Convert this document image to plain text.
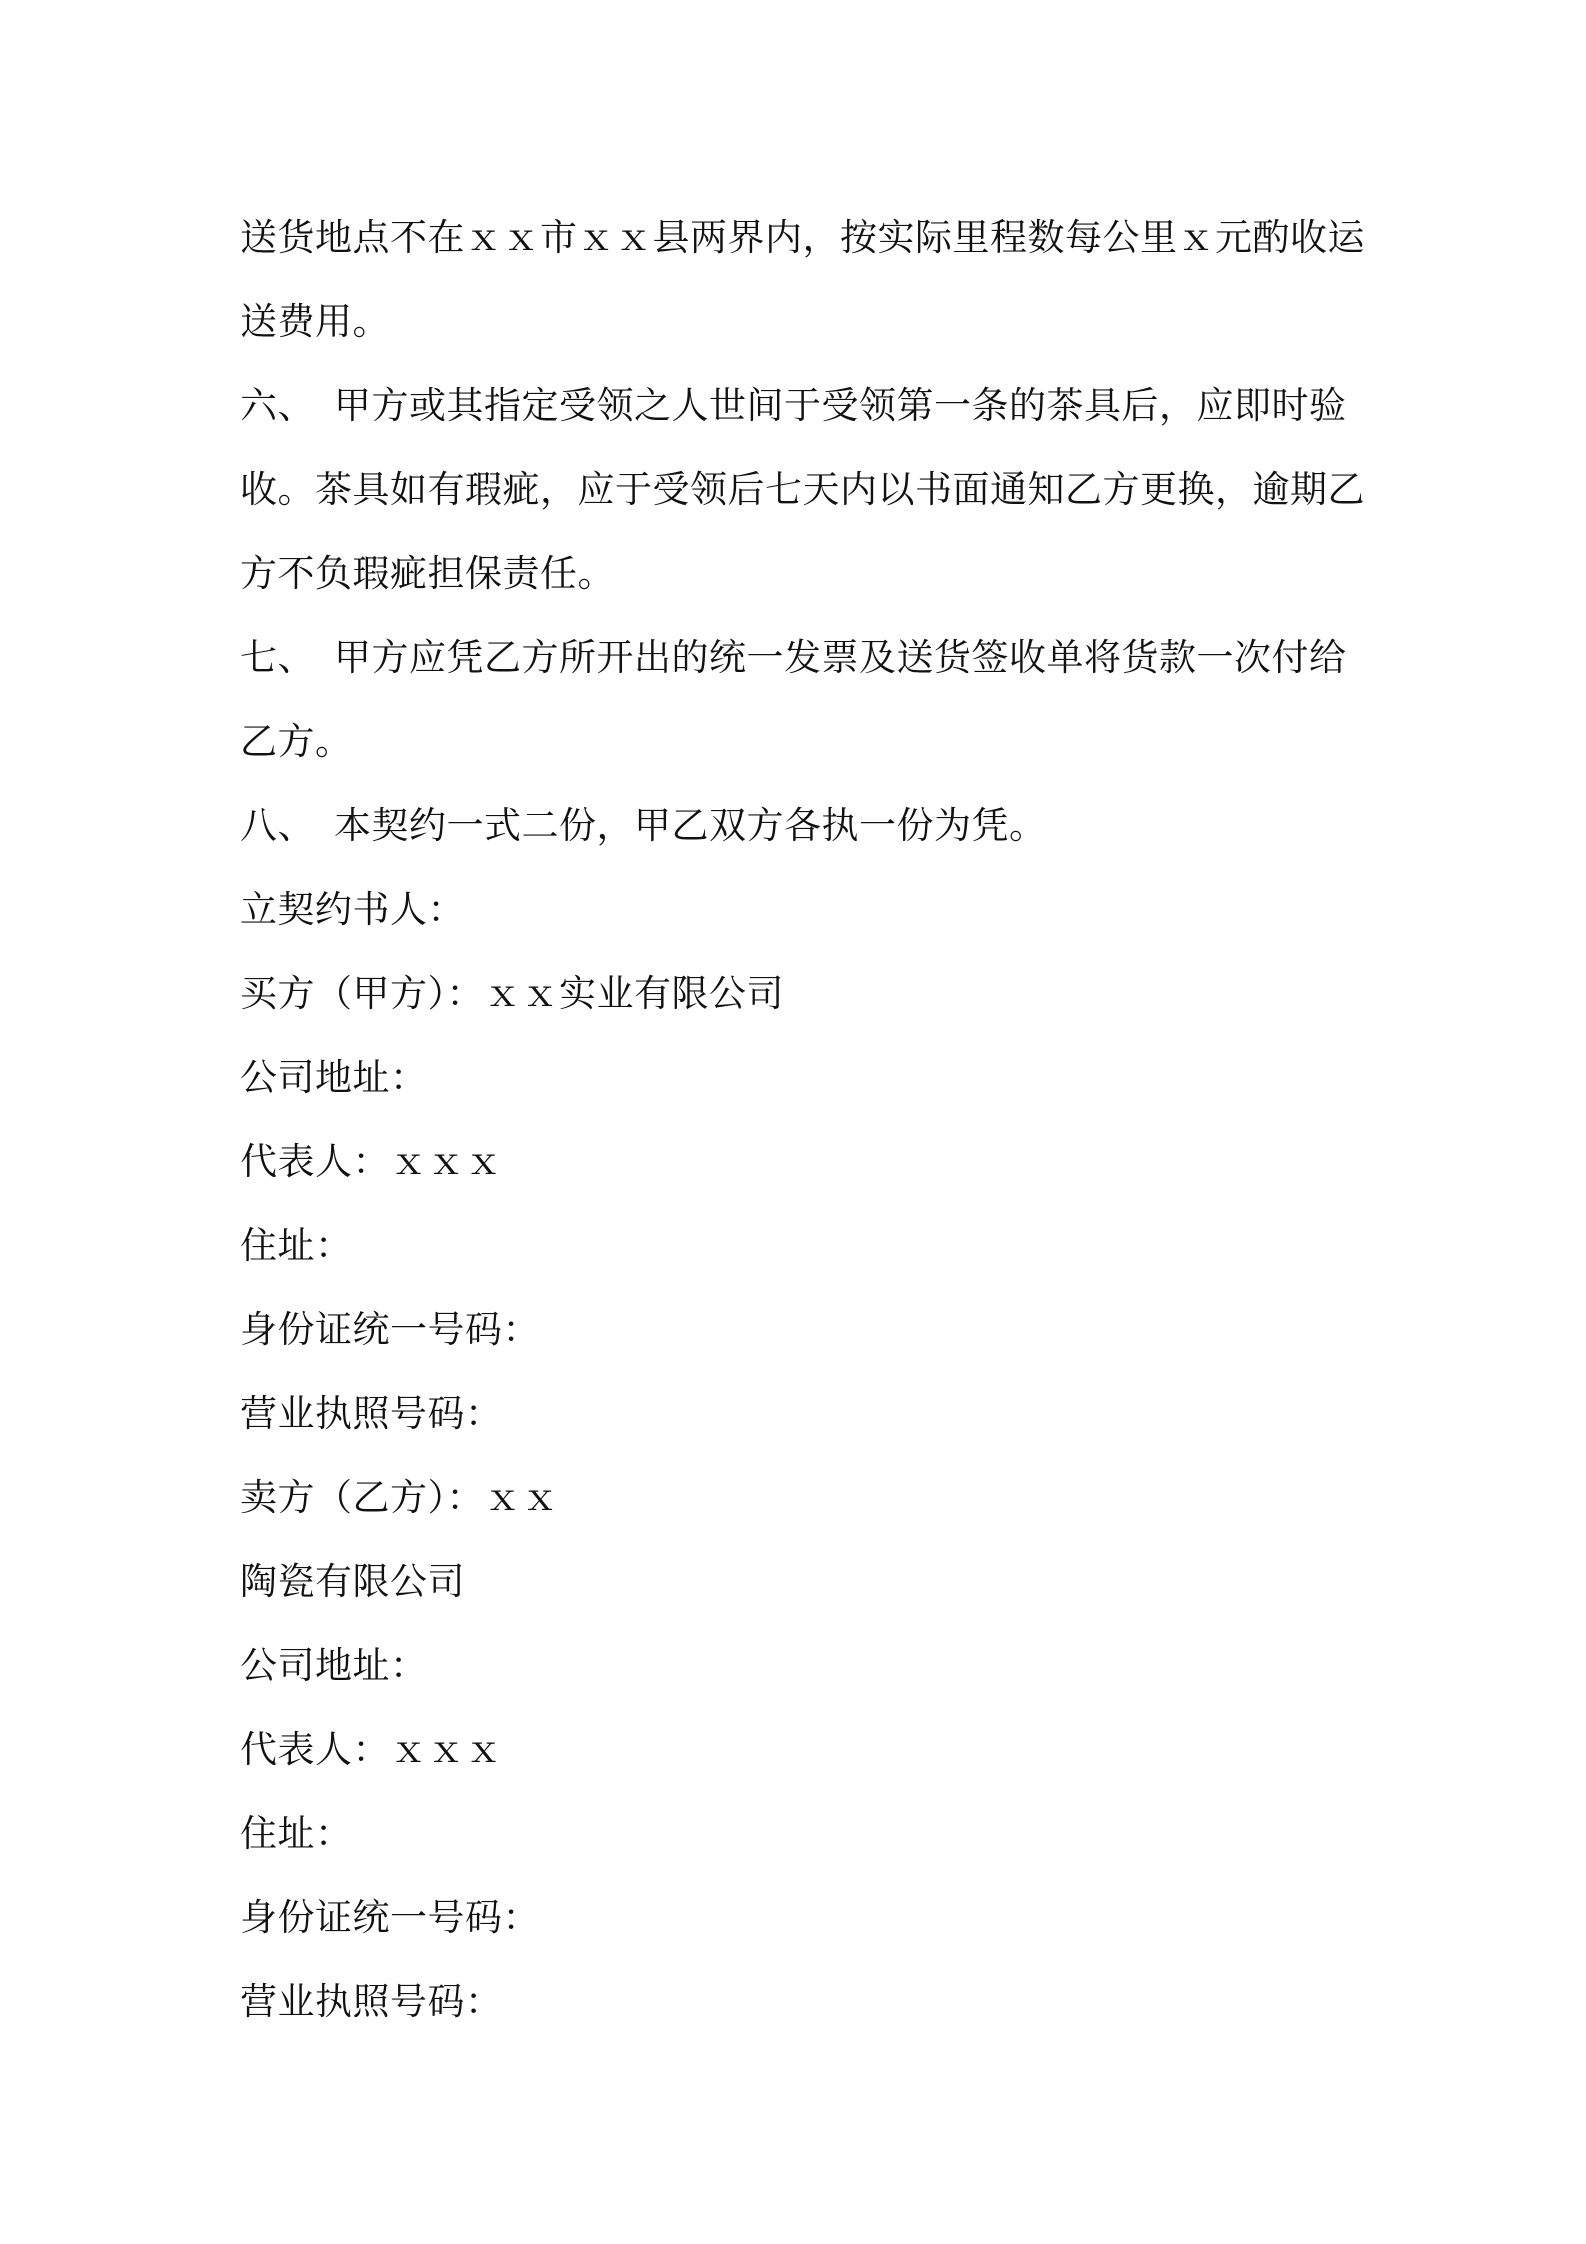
送货地点不在ｘｘ市ｘｘ县两界内，按实际里程数每公里ｘ元酌收运
送费用。
六、 甲方或其指定受领之人世间于受领第一条的茶具后，应即时验
收。茶具如有瑕疵，应于受领后七天内以书面通知乙方更换，逾期乙
方不负瑕疵担保责任。
七、 甲方应凭乙方所开出的统一发票及送货签收单将货款一次付给
乙方。
八、 本契约一式二份，甲乙双方各执一份为凭。
立契约书人：
买方（甲方）：ｘｘ实业有限公司
公司地址：
代表人：ｘｘｘ
住址：
身份证统一号码：
营业执照号码：
卖方（乙方）：ｘｘ
陶瓷有限公司
公司地址：
代表人：ｘｘｘ
住址：
身份证统一号码：
营业执照号码：
